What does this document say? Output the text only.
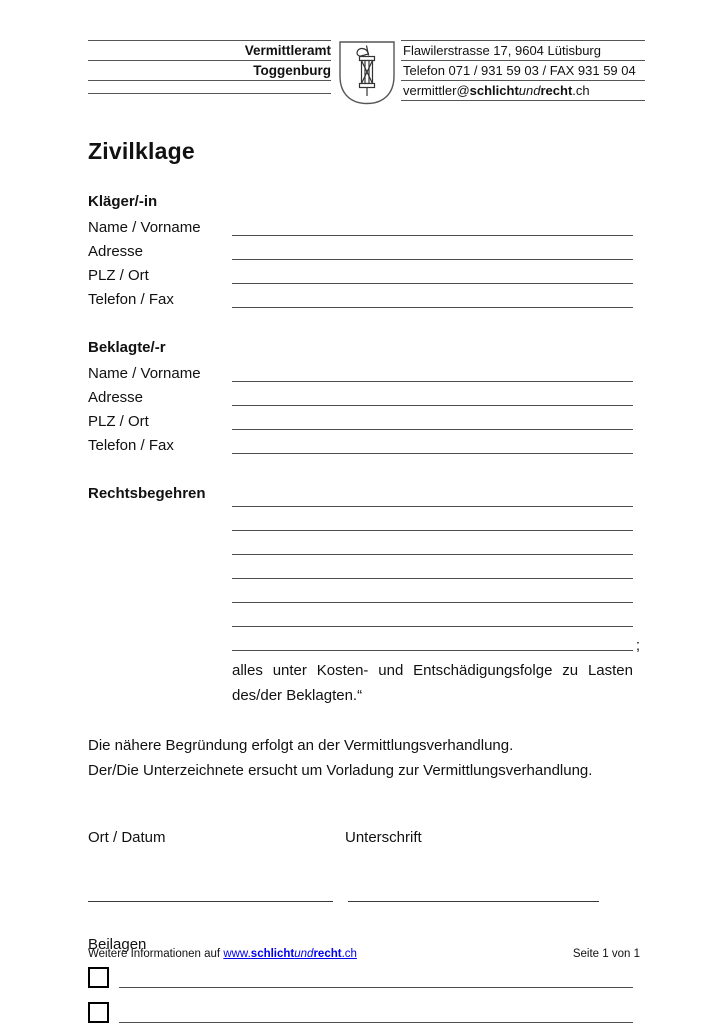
Vermittleramt
Toggenburg
Flawilerstrasse 17, 9604 Lütisburg
Telefon 071 / 931 59 03 / FAX 931 59 04
vermittler@schlichtundrecht.ch
Zivilklage
Kläger/-in
Name / Vorname
Adresse
PLZ / Ort
Telefon / Fax
Beklagte/-r
Name / Vorname
Adresse
PLZ / Ort
Telefon / Fax
Rechtsbegehren
;

alles unter Kosten- und Entschädigungsfolge zu Lasten des/der Beklagten.“

Die nähere Begründung erfolgt an der Vermittlungsverhandlung.

Der/Die Unterzeichnete ersucht um Vorladung zur Vermittlungsverhandlung.

Ort / Datum	Unterschrift
Beilagen
Weitere Informationen auf www.schlichtundrecht.ch	Seite 1 von 1
